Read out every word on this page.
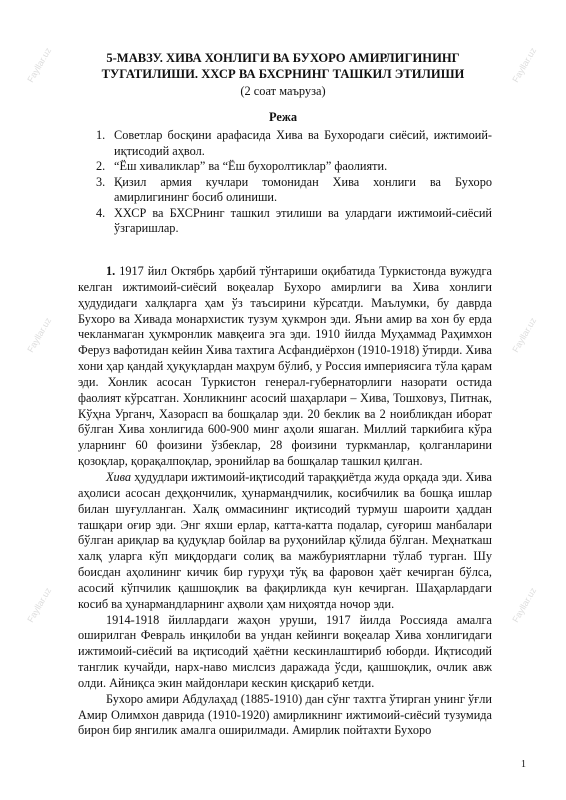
Fayllar.uz
Fayllar.uz
Fayllar.uz
Fayllar.uz
Fayllar.uz
Fayllar.uz
5-МАВЗУ. ХИВА ХОНЛИГИ ВА БУХОРО АМИРЛИГИНИНГ
ТУГАТИЛИШИ. ХХСР ВА БХСРНИНГ ТАШКИЛ ЭТИЛИШИ
(2 соат маъруза)
Режа
1. Советлар босқини арафасида Хива ва Бухородаги сиёсий, ижтимоий-иқтисодий аҳвол.
2. “Ёш хиваликлар” ва “Ёш бухоролтиклар” фаолияти.
3. Қизил армия кучлари томонидан Хива хонлиги ва Бухоро амирлигининг босиб олиниши.
4. ХХСР ва БХСРнинг ташкил этилиши ва улардаги ижтимоий-сиёсий ўзгаришлар.

1. 1917 йил Октябрь ҳарбий тўнтариши оқибатида Туркистонда вужудга келган ижтимоий-сиёсий воқеалар Бухоро амирлиги ва Хива хонлиги ҳудудидаги халқларга ҳам ўз таъсирини кўрсатди. Маълумки, бу даврда Бухоро ва Хивада монархистик тузум ҳукмрон эди. Яъни амир ва хон бу ерда чекланмаган ҳукмронлик мавқеига эга эди. 1910 йилда Муҳаммад Раҳимхон Феруз вафотидан кейин Хива тахтига Асфандиёрхон (1910-1918) ўтирди. Хива хони ҳар қандай ҳуқуқлардан маҳрум бўлиб, у Россия империясига тўла қарам эди. Хонлик асосан Туркистон генерал-губернаторлиги назорати остида фаолият кўрсатган. Хонликнинг асосий шаҳарлари – Хива, Тошховуз, Питнак, Кўҳна Урганч, Хазорасп ва бошқалар эди. 20 беклик ва 2 ноибликдан иборат бўлган Хива хонлигида 600-900 минг аҳоли яшаган. Миллий таркибига кўра уларнинг 60 фоизини ўзбеклар, 28 фоизини туркманлар, қолганларини қозоқлар, қорақалпоқлар, эронийлар ва бошқалар ташкил қилган.

Хива ҳудудлари ижтимоий-иқтисодий тараққиётда жуда орқада эди. Хива аҳолиси асосан деҳқончилик, ҳунармандчилик, косибчилик ва бошқа ишлар билан шуғулланган. Халқ оммасининг иқтисодий турмуш шароити ҳаддан ташқари оғир эди. Энг яхши ерлар, катта-катта подалар, суғориш манбалари бўлган ариқлар ва қудуқлар бойлар ва руҳонийлар қўлида бўлган. Меҳнаткаш халқ уларга кўп миқдордаги солиқ ва мажбуриятларни тўлаб турган. Шу боисдан аҳолининг кичик бир гуруҳи тўқ ва фаровон ҳаёт кечирган бўлса, асосий кўпчилик қашшоқлик ва фақирликда кун кечирган. Шаҳарлардаги косиб ва ҳунармандларнинг аҳволи ҳам ниҳоятда ночор эди.

1914-1918 йиллардаги жаҳон уруши, 1917 йилда Россияда амалга оширилган Февраль инқилоби ва ундан кейинги воқеалар Хива хонлигидаги ижтимоий-сиёсий ва иқтисодий ҳаётни кескинлаштириб юборди. Иқтисодий танглик кучайди, нарх-наво мислсиз даражада ўсди, қашшоқлик, очлик авж олди. Айниқса экин майдонлари кескин қисқариб кетди.

Бухоро амири Абдулаҳад (1885-1910) дан сўнг тахтга ўтирган унинг ўғли Амир Олимхон даврида (1910-1920) амирликнинг ижтимоий-сиёсий тузумида бирон бир янгилик амалга оширилмади. Амирлик пойтахти Бухоро

1
